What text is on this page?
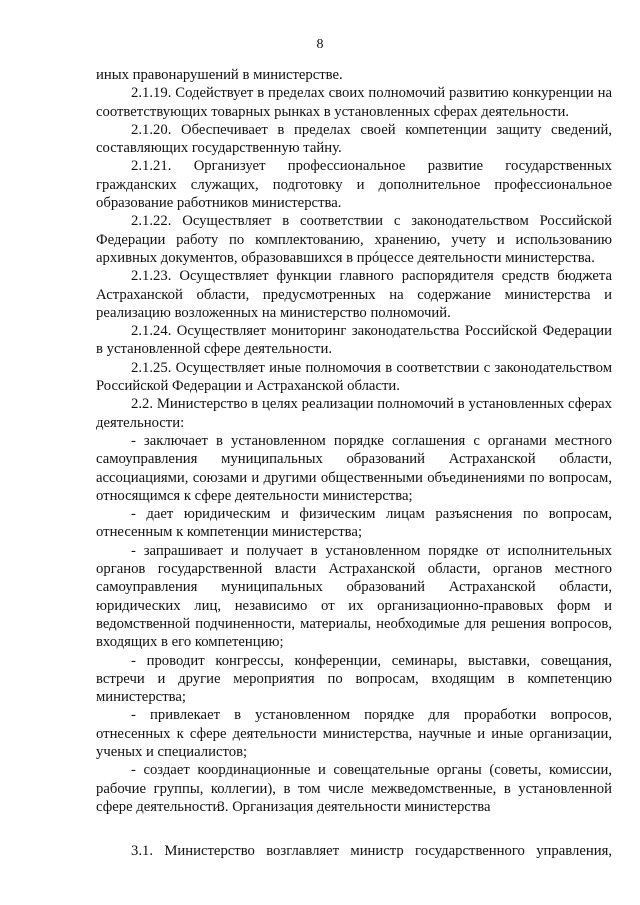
8

иных правонарушений в министерстве.

2.1.19. Содействует в пределах своих полномочий развитию конкуренции на соответствующих товарных рынках в установленных сферах деятельности.

2.1.20. Обеспечивает в пределах своей компетенции защиту сведений, составляющих государственную тайну.

2.1.21. Организует профессиональное развитие государственных гражданских служащих, подготовку и дополнительное профессиональное образование работников министерства.

2.1.22. Осуществляет в соответствии с законодательством Российской Федерации работу по комплектованию, хранению, учету и использованию архивных документов, образовавшихся в прóцессе деятельности министерства.

2.1.23. Осуществляет функции главного распорядителя средств бюджета Астраханской области, предусмотренных на содержание министерства и реализацию возложенных на министерство полномочий.

2.1.24. Осуществляет мониторинг законодательства Российской Федерации в установленной сфере деятельности.

2.1.25. Осуществляет иные полномочия в соответствии с законодательством Российской Федерации и Астраханской области.

2.2. Министерство в целях реализации полномочий в установленных сферах деятельности:

- заключает в установленном порядке соглашения с органами местного самоуправления муниципальных образований Астраханской области, ассоциациями, союзами и другими общественными объединениями по вопросам, относящимся к сфере деятельности министерства;

- дает юридическим и физическим лицам разъяснения по вопросам, отнесенным к компетенции министерства;

- запрашивает и получает в установленном порядке от исполнительных органов государственной власти Астраханской области, органов местного самоуправления муниципальных образований Астраханской области, юридических лиц, независимо от их организационно-правовых форм и ведомственной подчиненности, материалы, необходимые для решения вопросов, входящих в его компетенцию;

- проводит конгрессы, конференции, семинары, выставки, совещания, встречи и другие мероприятия по вопросам, входящим в компетенцию министерства;

- привлекает в установленном порядке для проработки вопросов, отнесенных к сфере деятельности министерства, научные и иные организации, ученых и специалистов;

- создает координационные и совещательные органы (советы, комиссии, рабочие группы, коллегии), в том числе межведомственные, в установленной сфере деятельности.

3. Организация деятельности министерства

3.1. Министерство возглавляет министр государственного управления,
